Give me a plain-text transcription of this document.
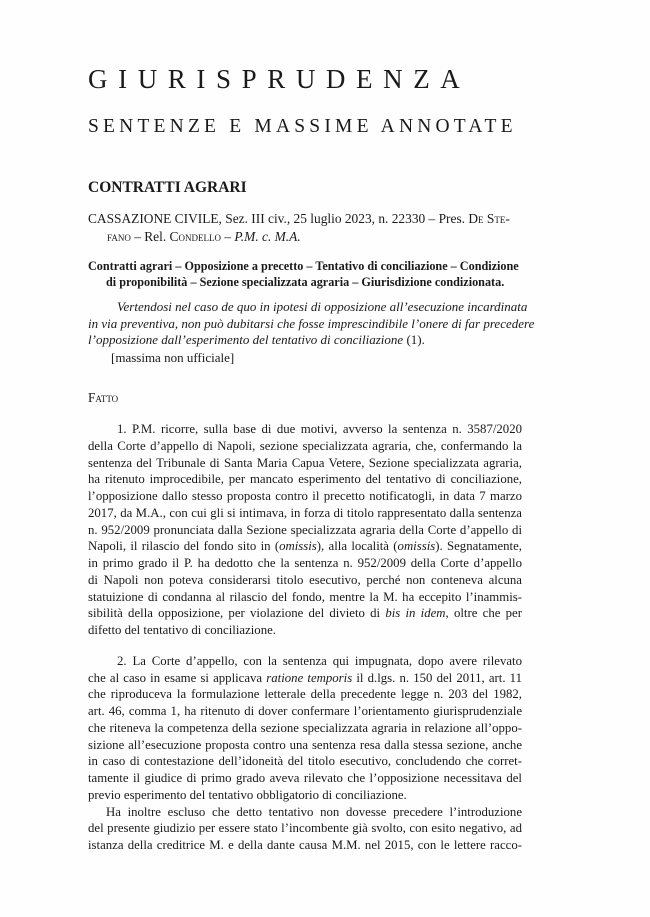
GIURISPRUDENZA
SENTENZE E MASSIME ANNOTATE
CONTRATTI AGRARI
CASSAZIONE CIVILE, Sez. III civ., 25 luglio 2023, n. 22330 – Pres. De Ste-
fano – Rel. Condello – P.M. c. M.A.
Contratti agrari – Opposizione a precetto – Tentativo di conciliazione – Condizione
di proponibilità – Sezione specializzata agraria – Giurisdizione condizionata.
Vertendosi nel caso de quo in ipotesi di opposizione all’esecuzione incardinata
in via preventiva, non può dubitarsi che fosse imprescindibile l’onere di far precedere
l’opposizione dall’esperimento del tentativo di conciliazione (1).
[massima non ufficiale]
Fatto
1. P.M. ricorre, sulla base di due motivi, avverso la sentenza n. 3587/2020
della Corte d’appello di Napoli, sezione specializzata agraria, che, confermando la
sentenza del Tribunale di Santa Maria Capua Vetere, Sezione specializzata agraria,
ha ritenuto improcedibile, per mancato esperimento del tentativo di conciliazione,
l’opposizione dallo stesso proposta contro il precetto notificatogli, in data 7 marzo
2017, da M.A., con cui gli si intimava, in forza di titolo rappresentato dalla sentenza
n. 952/2009 pronunciata dalla Sezione specializzata agraria della Corte d’appello di
Napoli, il rilascio del fondo sito in (omissis), alla località (omissis). Segnatamente,
in primo grado il P. ha dedotto che la sentenza n. 952/2009 della Corte d’appello
di Napoli non poteva considerarsi titolo esecutivo, perché non conteneva alcuna
statuizione di condanna al rilascio del fondo, mentre la M. ha eccepito l’inammis-
sibilità della opposizione, per violazione del divieto di bis in idem, oltre che per
difetto del tentativo di conciliazione.
2. La Corte d’appello, con la sentenza qui impugnata, dopo avere rilevato
che al caso in esame si applicava ratione temporis il d.lgs. n. 150 del 2011, art. 11
che riproduceva la formulazione letterale della precedente legge n. 203 del 1982,
art. 46, comma 1, ha ritenuto di dover confermare l’orientamento giurisprudenziale
che riteneva la competenza della sezione specializzata agraria in relazione all’oppo-
sizione all’esecuzione proposta contro una sentenza resa dalla stessa sezione, anche
in caso di contestazione dell’idoneità del titolo esecutivo, concludendo che corret-
tamente il giudice di primo grado aveva rilevato che l’opposizione necessitava del
previo esperimento del tentativo obbligatorio di conciliazione.
Ha inoltre escluso che detto tentativo non dovesse precedere l’introduzione
del presente giudizio per essere stato l’incombente già svolto, con esito negativo, ad
istanza della creditrice M. e della dante causa M.M. nel 2015, con le lettere racco-
